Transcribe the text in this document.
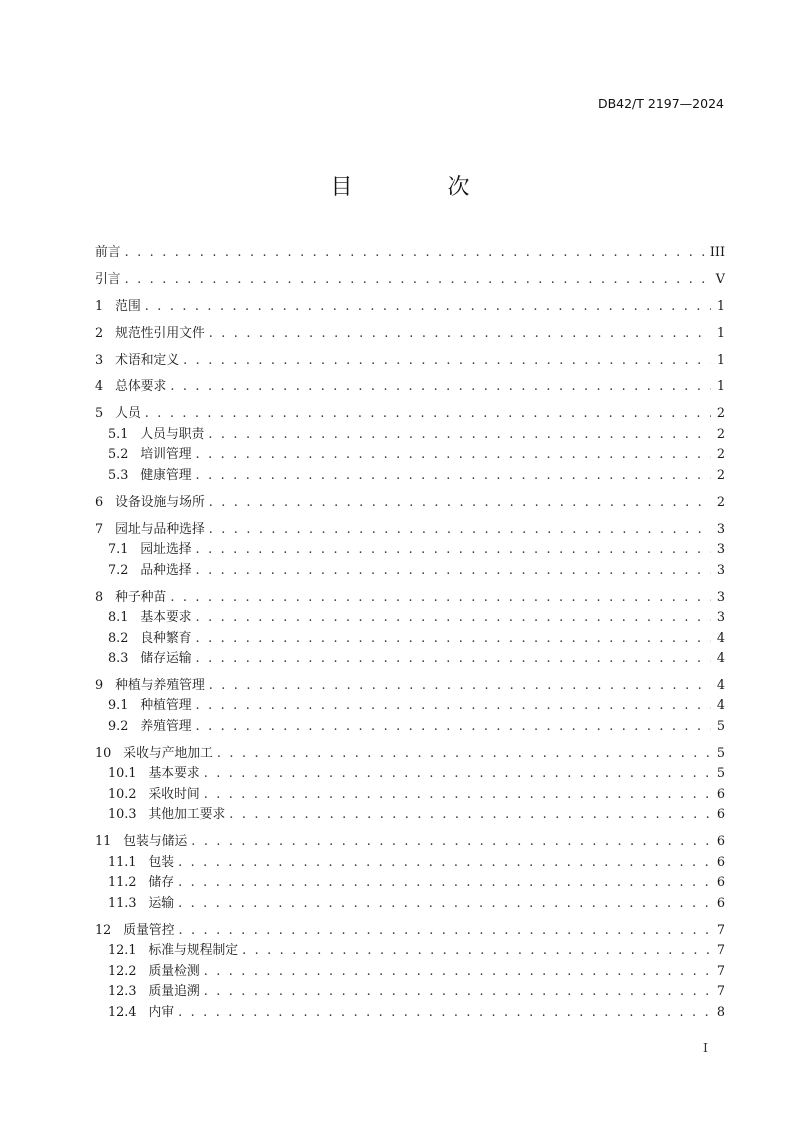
DB42/T 2197—2024
目 次
前言 . . .	III
引言 . . .	V
1 范围 . . .	1
2 规范性引用文件 . . .	1
3 术语和定义 . . .	1
4 总体要求 . . .	1
5 人员 . . .	2
5.1 人员与职责 . . .	2
5.2 培训管理 . . .	2
5.3 健康管理 . . .	2
6 设备设施与场所 . . .	2
7 园址与品种选择 . . .	3
7.1 园址选择 . . .	3
7.2 品种选择 . . .	3
8 种子种苗 . . .	3
8.1 基本要求 . . .	3
8.2 良种繁育 . . .	4
8.3 储存运输 . . .	4
9 种植与养殖管理 . . .	4
9.1 种植管理 . . .	4
9.2 养殖管理 . . .	5
10 采收与产地加工 . . .	5
10.1 基本要求 . . .	5
10.2 采收时间 . . .	6
10.3 其他加工要求 . . .	6
11 包装与储运 . . .	6
11.1 包装 . . .	6
11.2 储存 . . .	6
11.3 运输 . . .	6
12 质量管控 . . .	7
12.1 标准与规程制定 . . .	7
12.2 质量检测 . . .	7
12.3 质量追溯 . . .	7
12.4 内审 . . .	8
I
